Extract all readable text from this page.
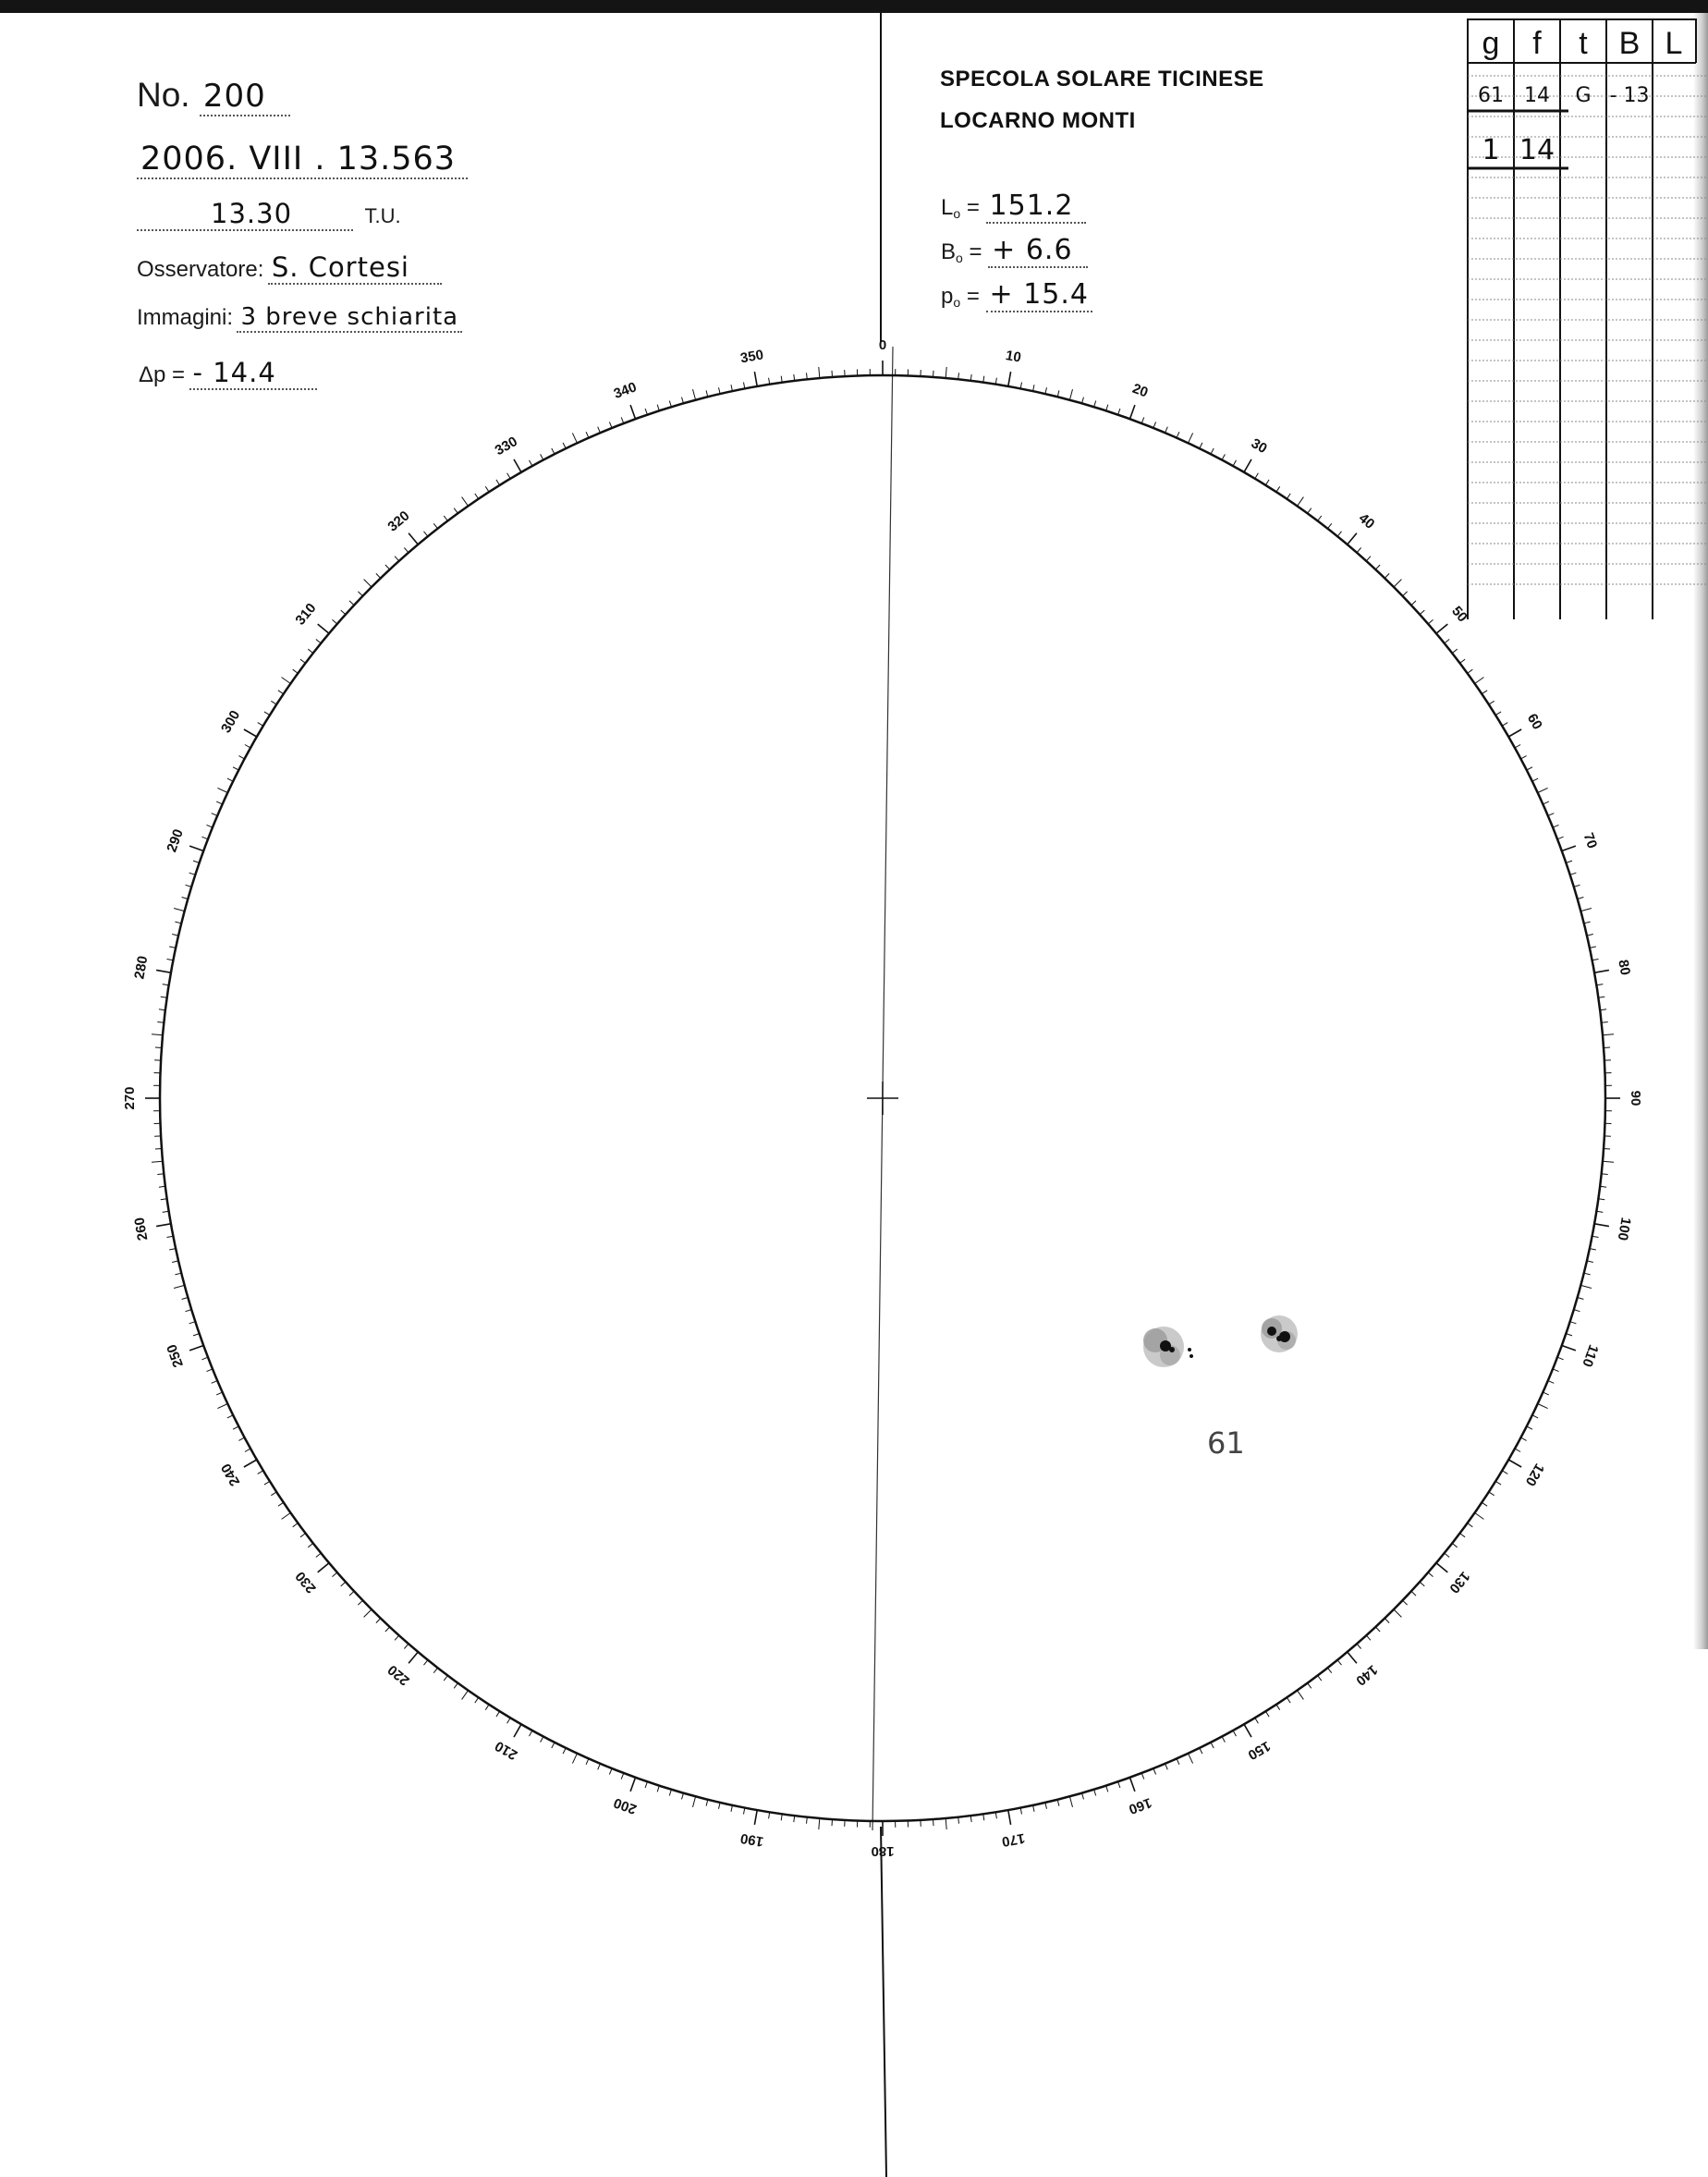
No. 200
2006. VIII . 13.563
13.30	T.U.
Osservatore: S. Cortesi
Immagini: 3 breve schiarita
Δp = - 14.4
SPECOLA SOLARE TICINESE
LOCARNO MONTI
$L_o = 151.2$
$B_o$ = + 6.6
$p_o$ = + 15.4
g f t B L
61 14 G - 13
1 14
0
10
20
30
40
50
60
70
80
90
100
110
120
130
140
150
160
170
180
190
200
210
220
230
240
250
260
270
280
290
300
310
320
330
340
350
61
